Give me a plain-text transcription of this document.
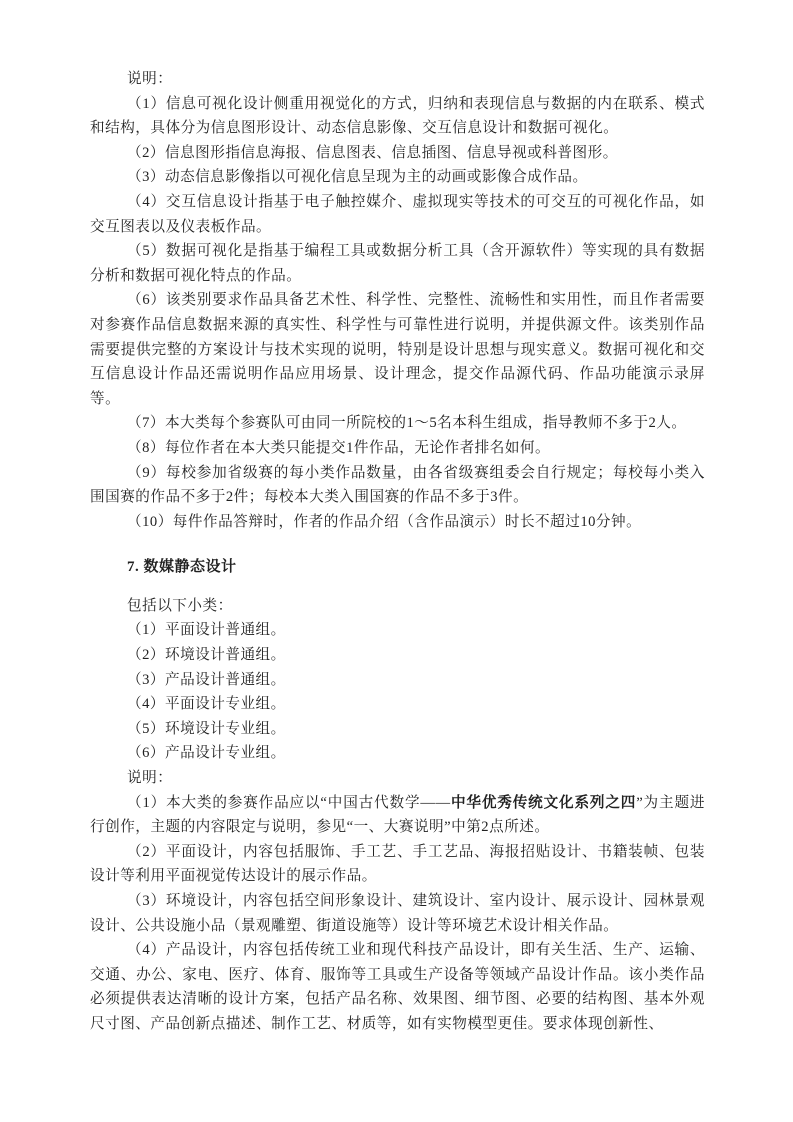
说明：

（1）信息可视化设计侧重用视觉化的方式，归纳和表现信息与数据的内在联系、模式和结构，具体分为信息图形设计、动态信息影像、交互信息设计和数据可视化。

（2）信息图形指信息海报、信息图表、信息插图、信息导视或科普图形。

（3）动态信息影像指以可视化信息呈现为主的动画或影像合成作品。

（4）交互信息设计指基于电子触控媒介、虚拟现实等技术的可交互的可视化作品，如交互图表以及仪表板作品。

（5）数据可视化是指基于编程工具或数据分析工具（含开源软件）等实现的具有数据分析和数据可视化特点的作品。

（6）该类别要求作品具备艺术性、科学性、完整性、流畅性和实用性，而且作者需要对参赛作品信息数据来源的真实性、科学性与可靠性进行说明，并提供源文件。该类别作品需要提供完整的方案设计与技术实现的说明，特别是设计思想与现实意义。数据可视化和交互信息设计作品还需说明作品应用场景、设计理念，提交作品源代码、作品功能演示录屏等。

（7）本大类每个参赛队可由同一所院校的1～5名本科生组成，指导教师不多于2人。

（8）每位作者在本大类只能提交1件作品，无论作者排名如何。

（9）每校参加省级赛的每小类作品数量，由各省级赛组委会自行规定；每校每小类入围国赛的作品不多于2件；每校本大类入围国赛的作品不多于3件。

（10）每件作品答辩时，作者的作品介绍（含作品演示）时长不超过10分钟。

7. 数媒静态设计

包括以下小类：

（1）平面设计普通组。

（2）环境设计普通组。

（3）产品设计普通组。

（4）平面设计专业组。

（5）环境设计专业组。

（6）产品设计专业组。

说明：

（1）本大类的参赛作品应以“中国古代数学——中华优秀传统文化系列之四”为主题进行创作，主题的内容限定与说明，参见“一、大赛说明”中第2点所述。

（2）平面设计，内容包括服饰、手工艺、手工艺品、海报招贴设计、书籍装帧、包装设计等利用平面视觉传达设计的展示作品。

（3）环境设计，内容包括空间形象设计、建筑设计、室内设计、展示设计、园林景观设计、公共设施小品（景观雕塑、街道设施等）设计等环境艺术设计相关作品。

（4）产品设计，内容包括传统工业和现代科技产品设计，即有关生活、生产、运输、交通、办公、家电、医疗、体育、服饰等工具或生产设备等领域产品设计作品。该小类作品必须提供表达清晰的设计方案，包括产品名称、效果图、细节图、必要的结构图、基本外观尺寸图、产品创新点描述、制作工艺、材质等，如有实物模型更佳。要求体现创新性、
